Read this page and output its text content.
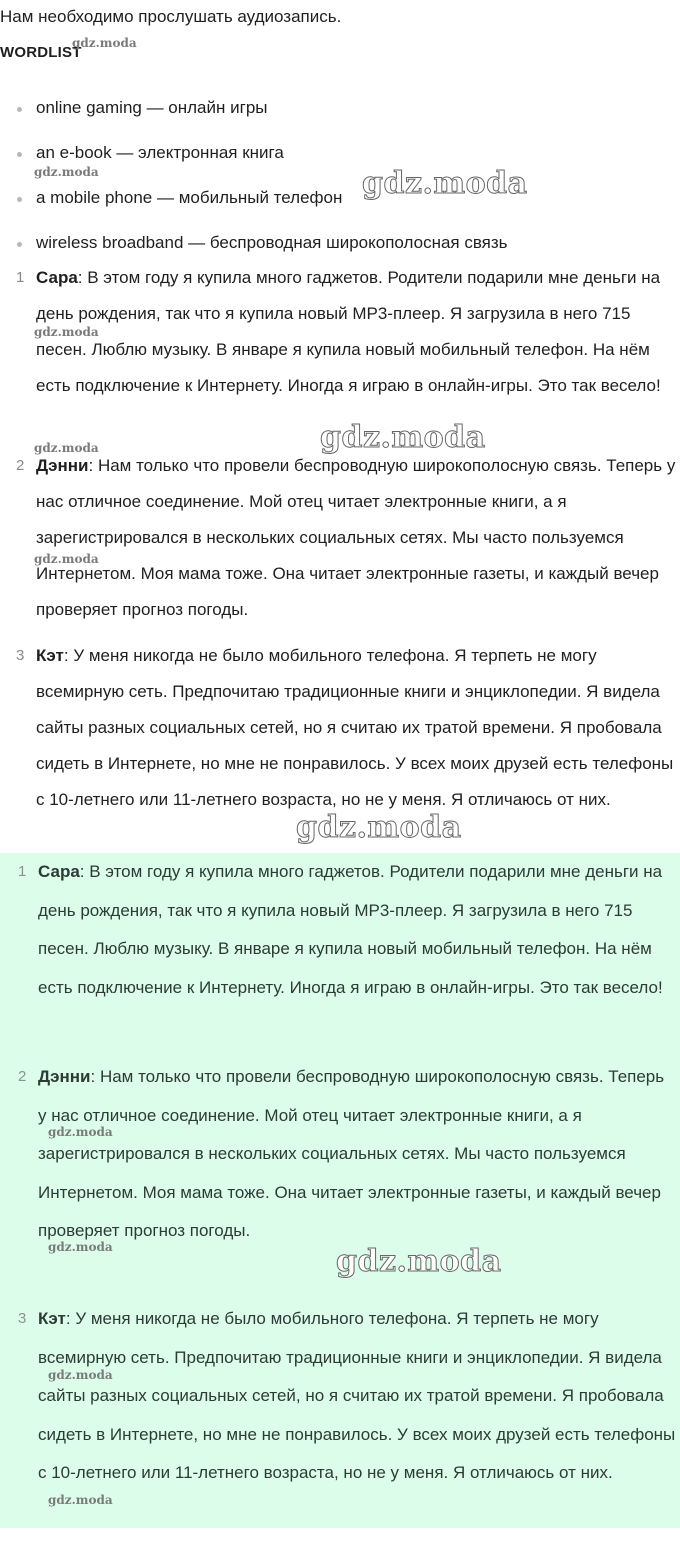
Нам необходимо прослушать аудиозапись.

WORDLIST

online gaming — онлайн игры
an e-book — электронная книга
a mobile phone — мобильный телефон
wireless broadband — беспроводная широкополосная связь

1 Сара: В этом году я купила много гаджетов. Родители подарили мне деньги на день рождения, так что я купила новый MP3-плеер. Я загрузила в него 715 песен. Люблю музыку. В январе я купила новый мобильный телефон. На нём есть подключение к Интернету. Иногда я играю в онлайн-игры. Это так весело!

2 Дэнни: Нам только что провели беспроводную широкополосную связь. Теперь у нас отличное соединение. Мой отец читает электронные книги, а я зарегистрировался в нескольких социальных сетях. Мы часто пользуемся Интернетом. Моя мама тоже. Она читает электронные газеты, и каждый вечер проверяет прогноз погоды.

3 Кэт: У меня никогда не было мобильного телефона. Я терпеть не могу всемирную сеть. Предпочитаю традиционные книги и энциклопедии. Я видела сайты разных социальных сетей, но я считаю их тратой времени. Я пробовала сидеть в Интернете, но мне не понравилось. У всех моих друзей есть телефоны с 10-летнего или 11-летнего возраста, но не у меня. Я отличаюсь от них.

1 Сара: В этом году я купила много гаджетов. Родители подарили мне деньги на день рождения, так что я купила новый MP3-плеер. Я загрузила в него 715 песен. Люблю музыку. В январе я купила новый мобильный телефон. На нём есть подключение к Интернету. Иногда я играю в онлайн-игры. Это так весело!

2 Дэнни: Нам только что провели беспроводную широкополосную связь. Теперь у нас отличное соединение. Мой отец читает электронные книги, а я зарегистрировался в нескольких социальных сетях. Мы часто пользуемся Интернетом. Моя мама тоже. Она читает электронные газеты, и каждый вечер проверяет прогноз погоды.

3 Кэт: У меня никогда не было мобильного телефона. Я терпеть не могу всемирную сеть. Предпочитаю традиционные книги и энциклопедии. Я видела сайты разных социальных сетей, но я считаю их тратой времени. Я пробовала сидеть в Интернете, но мне не понравилось. У всех моих друзей есть телефоны с 10-летнего или 11-летнего возраста, но не у меня. Я отличаюсь от них.

gdz.moda
gdz.moda	gdz.moda
gdz.moda
gdz.moda	gdz.moda
gdz.moda
gdz.moda
gdz.moda
gdz.moda	gdz.moda
gdz.moda
gdz.moda
